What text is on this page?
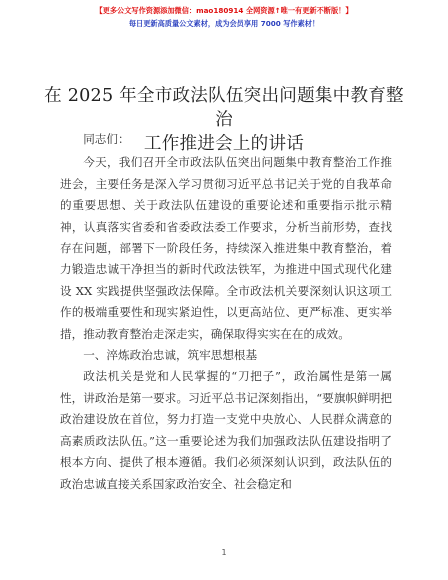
【更多公文写作资源添加微信：mao180914 全网资源↑唯一有更新不断版！】
每日更新高质量公文素材，成为会员享用 7000 写作素材！
在 2025 年全市政法队伍突出问题集中教育整治
工作推进会上的讲话

同志们：

今天，我们召开全市政法队伍突出问题集中教育整治工作推进会，主要任务是深入学习贯彻习近平总书记关于党的自我革命的重要思想、关于政法队伍建设的重要论述和重要指示批示精神，认真落实省委和省委政法委工作要求，分析当前形势，查找存在问题，部署下一阶段任务，持续深入推进集中教育整治，着力锻造忠诚干净担当的新时代政法铁军，为推进中国式现代化建设 XX 实践提供坚强政法保障。全市政法机关要深刻认识这项工作的极端重要性和现实紧迫性，以更高站位、更严标准、更实举措，推动教育整治走深走实，确保取得实实在在的成效。

一、淬炼政治忠诚，筑牢思想根基

政法机关是党和人民掌握的“刀把子”，政治属性是第一属性，讲政治是第一要求。习近平总书记深刻指出，“要旗帜鲜明把政治建设放在首位，努力打造一支党中央放心、人民群众满意的高素质政法队伍。”这一重要论述为我们加强政法队伍建设指明了根本方向、提供了根本遵循。我们必须深刻认识到，政法队伍的政治忠诚直接关系国家政治安全、社会稳定和

1
